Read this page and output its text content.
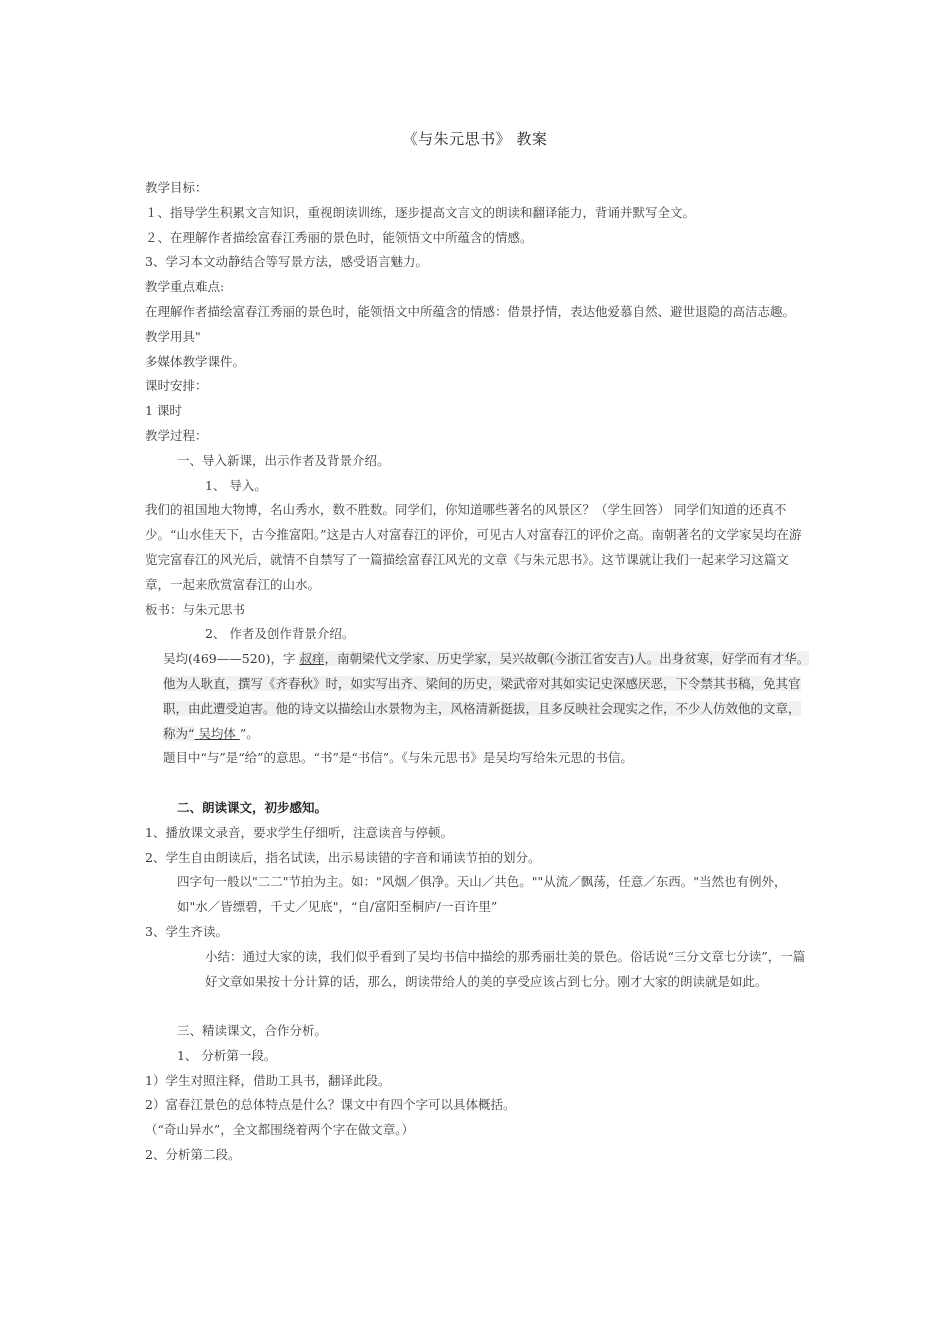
《与朱元思书》 教案

教学目标：

１、指导学生积累文言知识，重视朗读训练，逐步提高文言文的朗读和翻译能力，背诵并默写全文。

２、在理解作者描绘富春江秀丽的景色时，能领悟文中所蕴含的情感。

3、学习本文动静结合等写景方法，感受语言魅力。

教学重点难点:

在理解作者描绘富春江秀丽的景色时，能领悟文中所蕴含的情感：借景抒情，表达他爱慕自然、避世退隐的高洁志趣。

教学用具"

多媒体教学课件。

课时安排：

1 课时

教学过程：

一、导入新课，出示作者及背景介绍。

1、 导入。

我们的祖国地大物博，名山秀水，数不胜数。同学们，你知道哪些著名的风景区？（学生回答） 同学们知道的还真不少。“山水佳天下，古今推富阳。”这是古人对富春江的评价，可见古人对富春江的评价之高。南朝著名的文学家吴均在游览完富春江的风光后，就情不自禁写了一篇描绘富春江风光的文章《与朱元思书》。这节课就让我们一起来学习这篇文章，一起来欣赏富春江的山水。

板书：与朱元思书

2、 作者及创作背景介绍。

吴均(469——520)，字 叔痒，南朝梁代文学家、历史学家，吴兴故鄣(今浙江省安吉)人。出身贫寒，好学而有才华。他为人耿直，撰写《齐春秋》时，如实写出齐、梁间的历史，梁武帝对其如实记史深感厌恶，下令禁其书稿，免其官职，由此遭受迫害。他的诗文以描绘山水景物为主，风格清新挺拔，且多反映社会现实之作，不少人仿效他的文章，称为“ 吴均体 ”。

题目中“与”是“给”的意思。“书”是“书信”。《与朱元思书》是吴均写给朱元思的书信。

二、朗读课文，初步感知。

1、播放课文录音，要求学生仔细听，注意读音与停顿。

2、学生自由朗读后，指名试读，出示易读错的字音和诵读节拍的划分。

四字句一般以"二二"节拍为主。如："风烟／俱净。天山／共色。""从流／飘荡，任意／东西。"当然也有例外，如"水／皆缥碧，千丈／见底"，“自/富阳至桐庐/一百许里”

3、学生齐读。

小结：通过大家的读，我们似乎看到了吴均书信中描绘的那秀丽壮美的景色。俗话说“三分文章七分读”，一篇好文章如果按十分计算的话，那么，朗读带给人的美的享受应该占到七分。刚才大家的朗读就是如此。

三、精读课文，合作分析。

1、 分析第一段。

1）学生对照注释，借助工具书，翻译此段。

2）富春江景色的总体特点是什么？课文中有四个字可以具体概括。

（“奇山异水”，全文都围绕着两个字在做文章。）

2、分析第二段。
